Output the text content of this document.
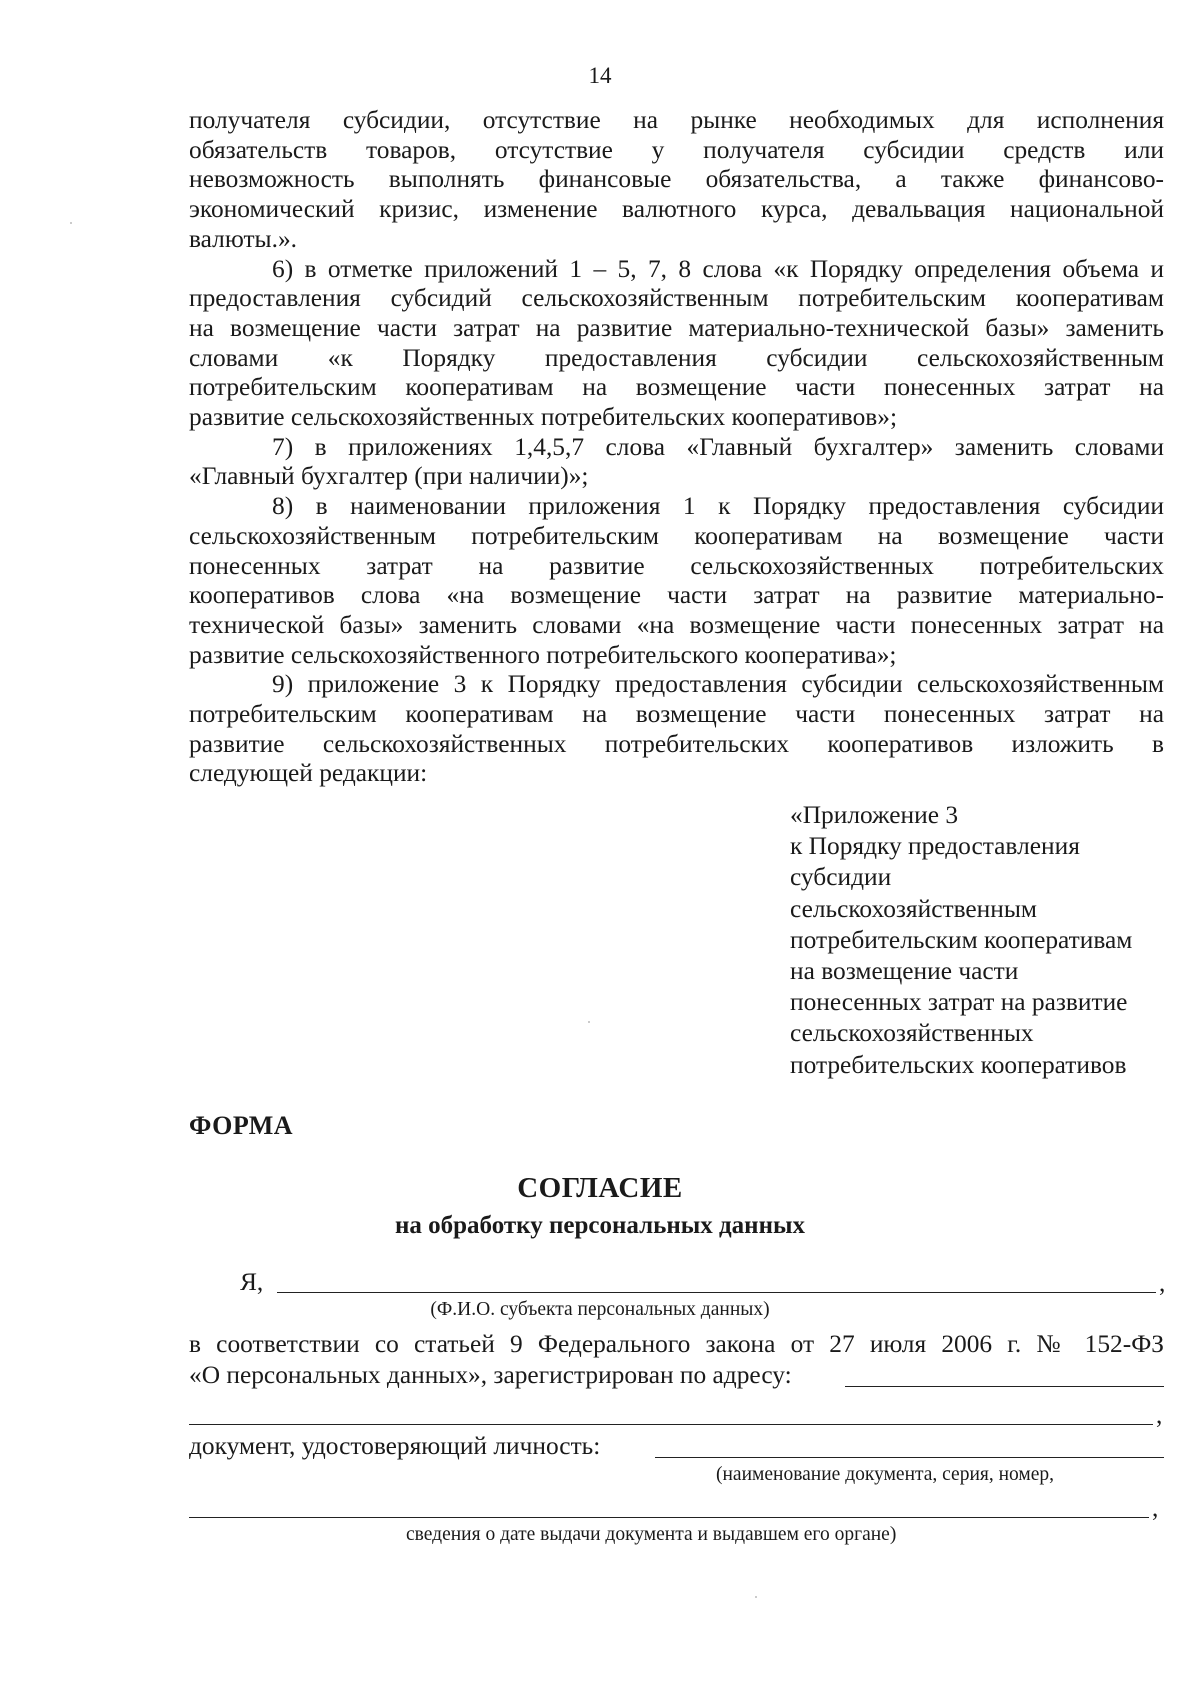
14

получателя субсидии, отсутствие на рынке необходимых для исполнения

обязательств товаров, отсутствие у получателя субсидии средств или

невозможность выполнять финансовые обязательства, а также финансово-

экономический кризис, изменение валютного курса, девальвация национальной

валюты.».

6) в отметке приложений 1 – 5, 7, 8 слова «к Порядку определения объема и

предоставления субсидий сельскохозяйственным потребительским кооперативам

на возмещение части затрат на развитие материально-технической базы» заменить

словами «к Порядку предоставления субсидии сельскохозяйственным

потребительским кооперативам на возмещение части понесенных затрат на

развитие сельскохозяйственных потребительских кооперативов»;

7) в приложениях 1,4,5,7 слова «Главный бухгалтер» заменить словами

«Главный бухгалтер (при наличии)»;

8) в наименовании приложения 1 к Порядку предоставления субсидии

сельскохозяйственным потребительским кооперативам на возмещение части

понесенных затрат на развитие сельскохозяйственных потребительских

кооперативов слова «на возмещение части затрат на развитие материально-

технической базы» заменить словами «на возмещение части понесенных затрат на

развитие сельскохозяйственного потребительского кооператива»;

9) приложение 3 к Порядку предоставления субсидии сельскохозяйственным

потребительским кооперативам на возмещение части понесенных затрат на

развитие сельскохозяйственных потребительских кооперативов изложить в

следующей редакции:

«Приложение 3
к Порядку предоставления
субсидии
сельскохозяйственным
потребительским кооперативам
на возмещение части
понесенных затрат на развитие
сельскохозяйственных
потребительских кооперативов
ФОРМА
СОГЛАСИЕ
на обработку персональных данных
Я,	,
(Ф.И.О. субъекта персональных данных)
в соответствии со статьей 9 Федерального закона от 27 июля 2006 г. № 152-ФЗ
«О персональных данных», зарегистрирован по адресу:
,
документ, удостоверяющий личность:
(наименование документа, серия, номер,
,
сведения о дате выдачи документа и выдавшем его органе)
